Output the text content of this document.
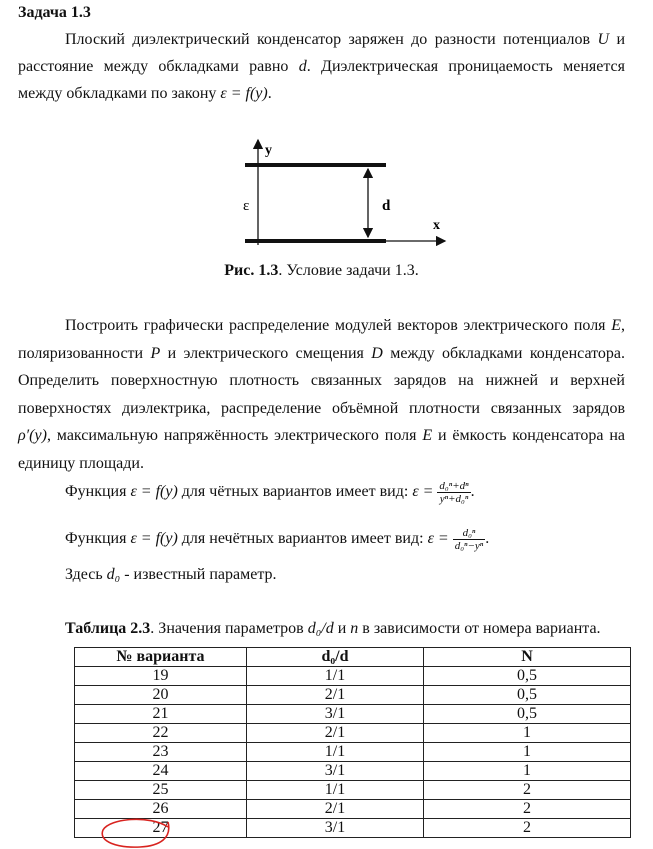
Задача 1.3
Плоский диэлектрический конденсатор заряжен до разности потенциалов U и
расстояние между обкладками равно d. Диэлектрическая проницаемость меняется
между обкладками по закону ε = f(y).
y
x
ε	d
Рис. 1.3. Условие задачи 1.3.
Построить графически распределение модулей векторов электрического поля E,
поляризованности P и электрического смещения D между обкладками конденсатора.
Определить поверхностную плотность связанных зарядов на нижней и верхней
поверхностях диэлектрика, распределение объёмной плотности связанных зарядов
ρ′(y), максимальную напряжённость электрического поля E и ёмкость конденсатора на
единицу площади.
Функция ε = f(y) для чётных вариантов имеет вид: $\varepsilon = \frac{\text{d₀ⁿ+dⁿ}}{\text{yⁿ+d₀ⁿ}}$ .
Функция ε = f(y) для нечётных вариантов имеет вид: $\varepsilon = \frac{\text{d₀ⁿ}}{\text{d₀ⁿ−yⁿ}}$ .
Здесь d₀ - известный параметр.
Таблица 2.3. Значения параметров d₀/d и n в зависимости от номера варианта.
№ варианта	d₀/d	N
19	1/1	0,5
20	2/1	0,5
21	3/1	0,5
22	2/1	1
23	1/1	1
24	3/1	1
25	1/1	2
26	2/1	2
27	3/1	2
